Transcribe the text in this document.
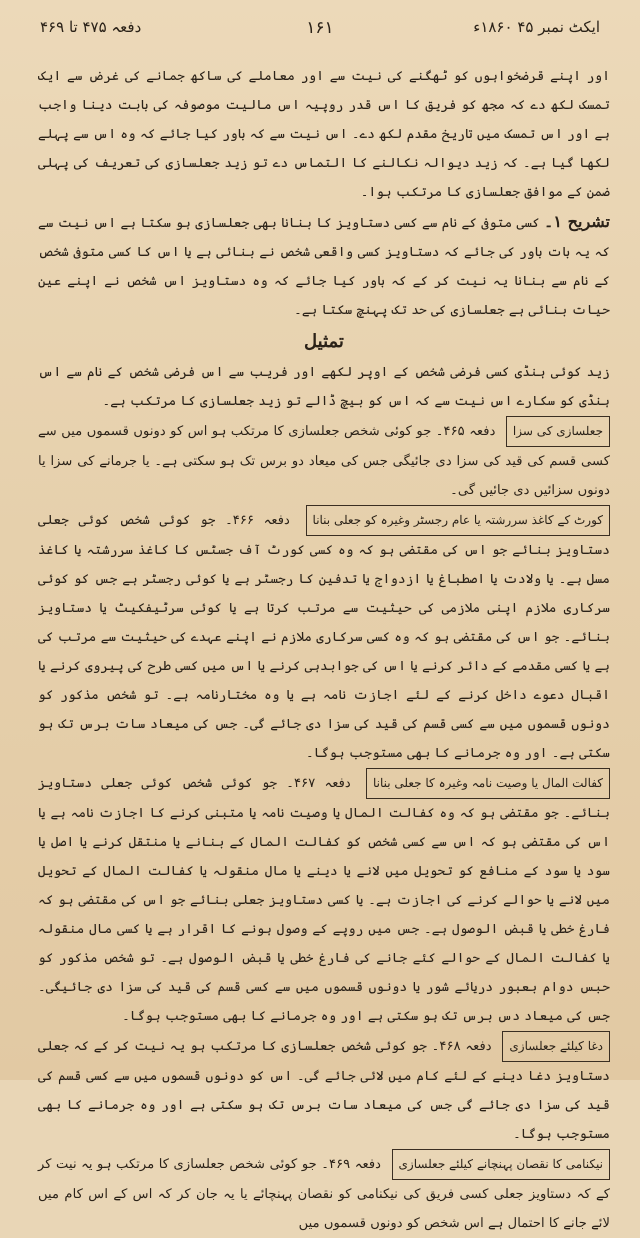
ایکٹ نمبر ۴۵ ۱۸۶۰ء
۱۶۱
دفعہ ۴۷۵ تا ۴۶۹

اور اپنے قرضخواہوں کو ٹھگنے کی نیت سے اور معاملے کی ساکھ جمانے کی غرض سے ایک تمسک لکھ دے کہ مجھ کو فریق کا اس قدر روپیہ اس مالیت موصوفہ کی بابت دینا واجب ہے اور اس تمسک میں تاریخ مقدم لکھ دے۔ اس نیت سے کہ باور کیا جائے کہ وہ اس سے پہلے لکھا گیا ہے۔ کہ زید دیوالہ نکالنے کا التماس دے تو زید جعلسازی کی تعریف کی پہلی ضمن کے موافق جعلسازی کا مرتکب ہوا۔

تشریح ۱۔ کسی متوفی کے نام سے کسی دستاویز کا بنانا بھی جعلسازی ہو سکتا ہے اس نیت سے کہ یہ بات باور کی جائے کہ دستاویز کسی واقعی شخص نے بنائی ہے یا اس کا کسی متوفی شخص کے نام سے بنانا یہ نیت کر کے کہ باور کیا جائے کہ وہ دستاویز اس شخص نے اپنے عین حیات بنائی ہے جعلسازی کی حد تک پہنچ سکتا ہے۔

تمثیل

زید کوئی ہنڈی کسی فرضی شخص کے اوپر لکھے اور فریب سے اس فرضی شخص کے نام سے اس ہنڈی کو سکارے اس نیت سے کہ اس کو بیچ ڈالے تو زید جعلسازی کا مرتکب ہے۔

جعلسازی کی سزا دفعہ ۴۶۵۔ جو کوئی شخص جعلسازی کا مرتکب ہو اس کو دونوں قسموں میں سے کسی قسم کی قید کی سزا دی جائیگی جس کی میعاد دو برس تک ہو سکتی ہے۔ یا جرمانے کی سزا یا دونوں سزائیں دی جائیں گی۔

کورٹ کے کاغذ سررشتہ یا عام رجسٹر وغیرہ کو جعلی بنانا دفعہ ۴۶۶۔ جو کوئی شخص کوئی جعلی دستاویز بنائے جو اس کی مقتضی ہو کہ وہ کسی کورٹ آف جسٹس کا کاغذ سررشتہ یا کاغذ مسل ہے۔ یا ولادت یا اصطباغ یا ازدواج یا تدفین کا رجسٹر ہے یا کوئی رجسٹر ہے جس کو کوئی سرکاری ملازم اپنی ملازمی کی حیثیت سے مرتب کرتا ہے یا کوئی سرٹیفکیٹ یا دستاویز بنائے۔ جو اس کی مقتضی ہو کہ وہ کسی سرکاری ملازم نے اپنے عہدے کی حیثیت سے مرتب کی ہے یا کسی مقدمے کے دائر کرنے یا اس کی جوابدہی کرنے یا اس میں کسی طرح کی پیروی کرنے یا اقبال دعوے داخل کرنے کے لئے اجازت نامہ ہے یا وہ مختارنامہ ہے۔ تو شخص مذکور کو دونوں قسموں میں سے کسی قسم کی قید کی سزا دی جائے گی۔ جس کی میعاد سات برس تک ہو سکتی ہے۔ اور وہ جرمانے کا بھی مستوجب ہوگا۔

کفالت المال یا وصیت نامہ وغیرہ کا جعلی بنانا دفعہ ۴۶۷۔ جو کوئی شخص کوئی جعلی دستاویز بنائے۔ جو مقتضی ہو کہ وہ کفالت المال یا وصیت نامہ یا متبنی کرنے کا اجازت نامہ ہے یا اس کی مقتضی ہو کہ اس سے کسی شخص کو کفالت المال کے بنانے یا منتقل کرنے یا اصل یا سود یا سود کے منافع کو تحویل میں لانے یا دینے یا مال منقولہ یا کفالت المال کے تحویل میں لانے یا حوالے کرنے کی اجازت ہے۔ یا کسی دستاویز جعلی بنائے جو اس کی مقتضی ہو کہ فارغ خطی یا قبض الوصول ہے۔ جس میں روپے کے وصول ہونے کا اقرار ہے یا کسی مال منقولہ یا کفالت المال کے حوالے کئے جانے کی فارغ خطی یا قبض الوصول ہے۔ تو شخص مذکور کو حبس دوام بعبور دریائے شور یا دونوں قسموں میں سے کسی قسم کی قید کی سزا دی جائیگی۔ جس کی میعاد دس برس تک ہو سکتی ہے اور وہ جرمانے کا بھی مستوجب ہوگا۔

دغا کیلئے جعلسازی دفعہ ۴۶۸۔ جو کوئی شخص جعلسازی کا مرتکب ہو یہ نیت کر کے کہ جعلی دستاویز دغا دینے کے لئے کام میں لائی جائے گی۔ اس کو دونوں قسموں میں سے کسی قسم کی قید کی سزا دی جائے گی جس کی میعاد سات برس تک ہو سکتی ہے اور وہ جرمانے کا بھی مستوجب ہوگا۔

نیکنامی کا نقصان پہنچانے کیلئے جعلسازی دفعہ ۴۶۹۔ جو کوئی شخص جعلسازی کا مرتکب ہو یہ نیت کر کے کہ دستاویز جعلی کسی فریق کی نیکنامی کو نقصان پہنچائے یا یہ جان کر کہ اس کے اس کام میں لائے جانے کا احتمال ہے اس شخص کو دونوں قسموں میں
